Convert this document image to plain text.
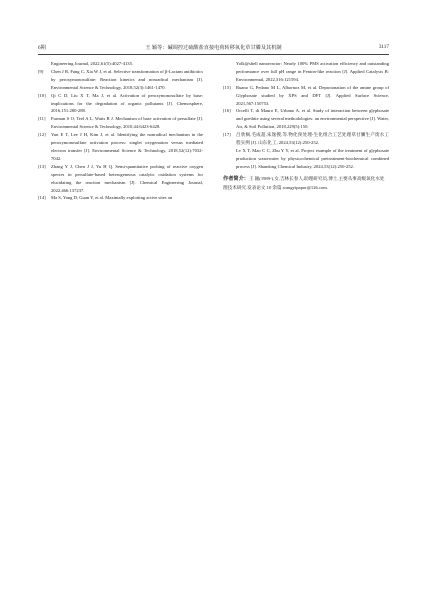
6期	王 颖等：碱调控过硫酸盐直接电荷转移氧化草甘膦及其机制	3117
Engineering Journal, 2022,61(5):4027-4135.
[9] Chen J B, Fang C, Xia W J, et al. Selective transformation of β-Lactam antibiotics by peroxymonosulfate: Reaction kinetics and nonradical mechanism [J]. Environmental Science & Technology, 2018,52(3):1461-1470.
[10] Qi C D, Liu X T, Ma J, et al. Activation of peroxymonosulfate by base: implications for the degradation of organic pollutants [J]. Chemosphere, 2016,151:280-288.
[11] Furman S O, Teel A L, Watts R J. Mechanism of base activation of persulfate [J]. Environmental Science & Technology, 2010,44:6423-6428.
[12] Yun E T, Lee J H, Kim J, et al. Identifying the nonradical mechanism in the peroxymonosulfate activation process: singlet oxygenation versus mediated electron transfer [J]. Environmental Science & Technology, 2018,52(12):7032-7042.
[13] Zhang Y J, Chen J J, Yu H Q. Semi-quantitative probing of reactive oxygen species in persulfate-based heterogeneous catalytic oxidation systems for elucidating the reaction mechanism [J]. Chemical Engineering Journal, 2022,466:137237.
[14] Ma S, Yang D, Guan Y, et al. Maximally exploiting active sites on
Yolk@shell nanoreactor: Nearly 100% PMS activation efficiency and outstanding performance over full pH range in Fenton-like reaction [J]. Applied Catalysis B: Environmental, 2022,316:121594.
[15] Ruano G, Pedano M L, Albornoz M, et al. Deprotonation of the amine group of Glyphosate studied by XPS and DFT [J]. Applied Surface Science, 2021,567:150753.
[16] Orcelli T, di Mauro E, Urbano A, et al. Study of interaction between glyphosate and goethite using several methodologies: an environmental perspective [J]. Water, Air, & Soil Pollution, 2018,229(5):150.
[17] 吕欣枫,毛成超,朱逸搜,等.物化预处理-生化组合工艺处理草甘膦生产废水工程实例 [J]. 山东化工, 2024,53(12):250-252.
Lv X T, Mao C C, Zhu Y Y, et al. Project example of the treatment of glyphosate production wastewater by physicochemical pretreatment-biochemical combined process [J]. Shandong Chemical Industry, 2024,53(12):250-252.
作者简介：王 颖(1989-),女,吉林长春人,助理研究员,博士,主要从事高级氧化水处理技术研究.发表论文 10 余篇.wangyipapor@126.com.
